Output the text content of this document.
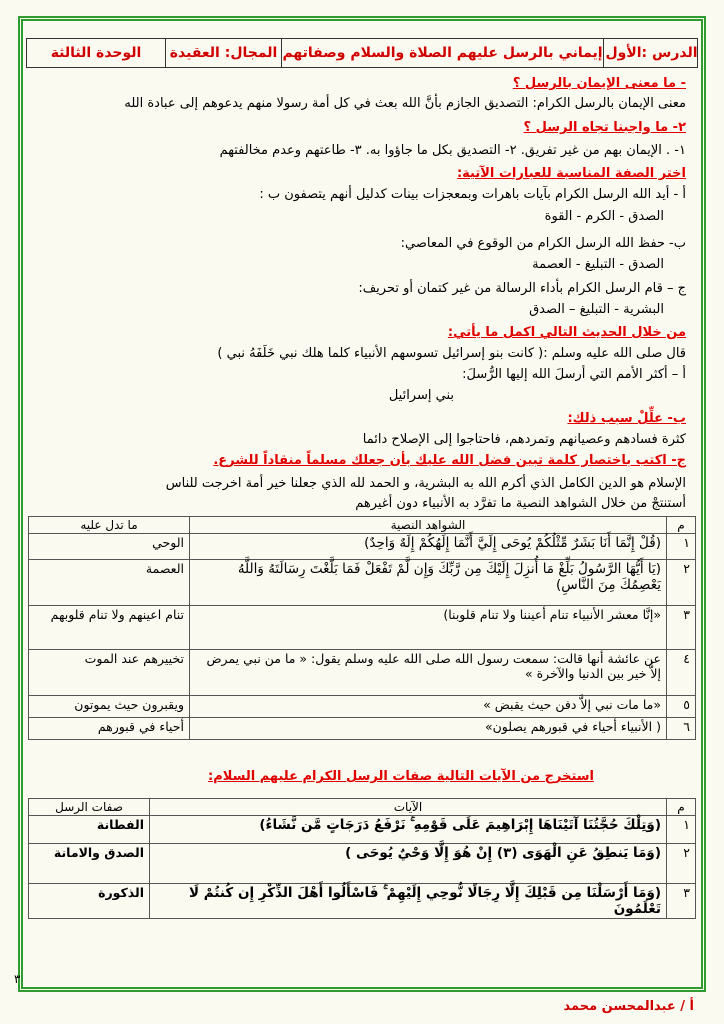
الوحدة الثالثة	المجال: العقيدة إيماني بالرسل عليهم الصلاة والسلام وصفاتهم الدرس :الأول
- ما معنى الإيمان بالرسل ؟
معنى الإيمان بالرسل الكرام: التصديق الجازم بأنَّ الله بعث في كل أمة رسولا منهم يدعوهم إلى عبادة الله
٢- ما واجبنا تجاه الرسل ؟
١- . الإيمان بهم من غير تفريق. ٢- التصديق بكل ما جاؤوا به. ٣- طاعتهم وعدم مخالفتهم
اختر الصفة المناسبة للعبارات الآتية:
أ - أيد الله الرسل الكرام بآيات باهرات وبمعجزات بينات كدليل أنهم يتصفون ب :
الصدق - الكرم - القوة
ب- حفظ الله الرسل الكرام من الوقوع في المعاصي:
الصدق - التبليغ - العصمة
ج – قام الرسل الكرام بأداء الرسالة من غير كتمان أو تحريف:
البشرية - التبليغ – الصدق
من خلال الحديث التالي اكمل ما يأتي:
قال صلى الله عليه وسلم :( كانت بنو إسرائيل تسوسهم الأنبياء كلما هلك نبي خَلَفَهُ نبي )
أ – أكثر الأمم التي أرسلَ الله إليها الرُّسلَ:
بني إسرائيل
ب- علِّلْ سبب ذلك:
كثرة فسادهم وعصيانهم وتمردهم، فاحتاجوا إلى الإصلاح دائما
ج- اكتب باختصار كلمة تبين فضل الله عليك بأن جعلك مسلماً منقاداً للشرع.
الإسلام هو الدين الكامل الذي أكرم الله به البشرية، و الحمد لله الذي جعلنا خير أمة اخرجت للناس
أستنتجْ من خلال الشواهد النصية ما تفرَّد به الأنبياء دون أغيرهم
م	الشواهد النصية	ما تدل عليه
١	(قُلْ إِنَّمَا أَنَا بَشَرٌ مِّثْلُكُمْ يُوحَى إِلَيَّ أَنَّمَا إِلَهُكُمْ إِلَهٌ وَاحِدٌ)	الوحي
٢	(يَا أَيُّهَا الرَّسُولُ بَلِّغْ مَا أُنزِلَ إِلَيْكَ مِن رَّبِّكَ وَإِن لَّمْ تَفْعَلْ فَمَا بَلَّغْتَ رِسَالَتَهُ وَاللَّهُ يَعْصِمُكَ مِنَ النَّاسِ)	العصمة
٣	«إنَّا معشر الأنبياء تنام أعيننا ولا تنام قلوبنا)	تنام اعينهم ولا تنام قلوبهم
٤	عن عائشة أنها قالت: سمعت رسول الله صلى الله عليه وسلم يقول: « ما من نبي يمرض إلاَّ خير بين الدنيا والآخرة »	تخييرهم عند الموت
٥	«ما مات نبي إلاَّ دفن حيث يقبض »	ويقبرون حيث يموتون
٦	( الأنبياء أحياء في قبورهم يصلون»	أحياء في قبورهم
استخرج من الآيات التالية صفات الرسل الكرام عليهم السلام:
م	الآيات	صفات الرسل
١	(وَتِلْكَ حُجَّتُنَا آتَيْنَاهَا إِبْرَاهِيمَ عَلَى قَوْمِهِ ۚ نَرْفَعُ دَرَجَاتٍ مَّن نَّشَاءُ)	الفطانة
٢	(وَمَا يَنطِقُ عَنِ الْهَوَى (٣) إِنْ هُوَ إِلَّا وَحْيٌ يُوحَى )	الصدق والامانة
٣	(وَمَا أَرْسَلْنَا مِن قَبْلِكَ إِلَّا رِجَالًا نُّوحِي إِلَيْهِمْ ۚ فَاسْأَلُوا أَهْلَ الذِّكْرِ إِن كُنتُمْ لَا تَعْلَمُونَ	الذكورة
٣
أ / عبدالمحسن محمد
